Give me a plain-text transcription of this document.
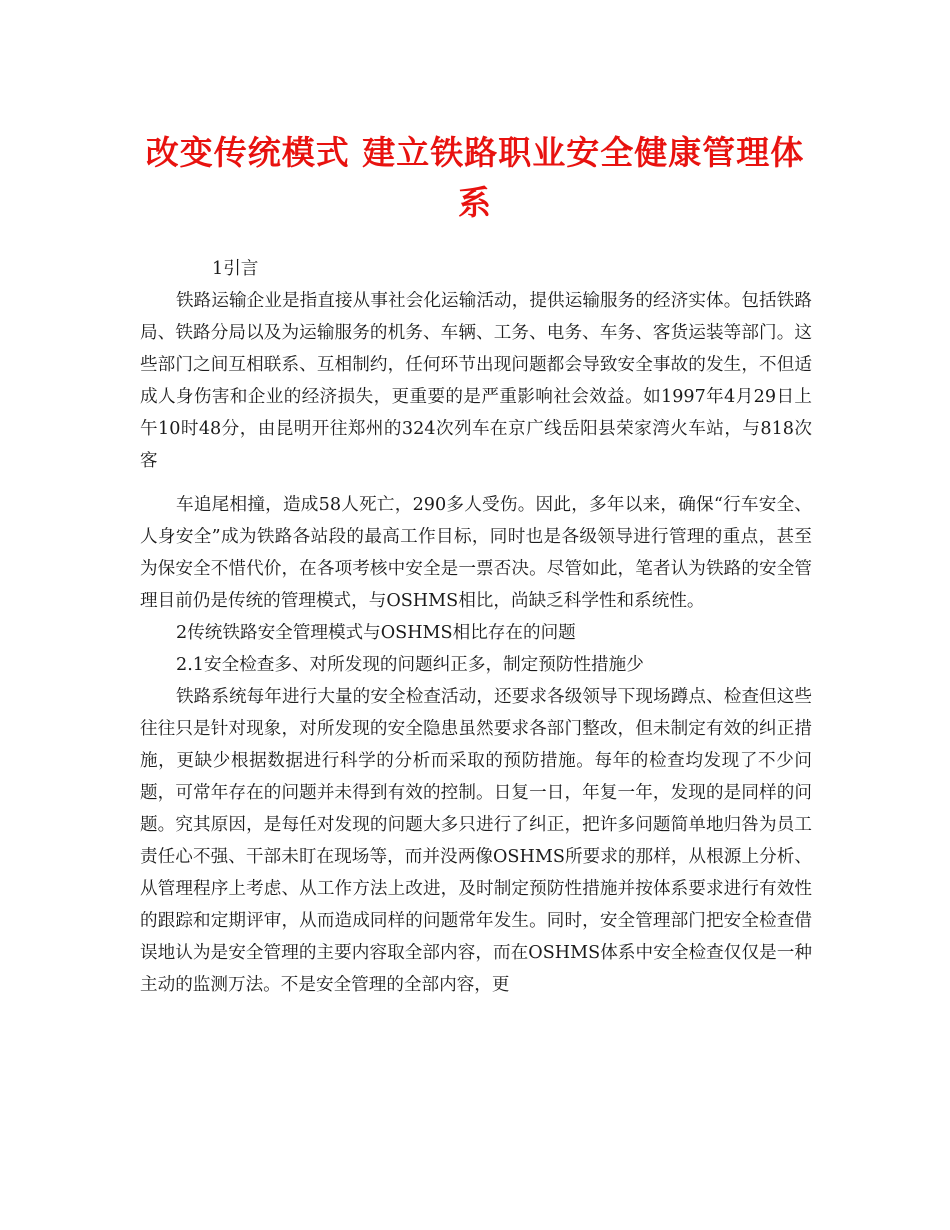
改变传统模式 建立铁路职业安全健康管理体系

1引言

铁路运输企业是指直接从事社会化运输活动，提供运输服务的经济实体。包括铁路局、铁路分局以及为运输服务的机务、车辆、工务、电务、车务、客货运装等部门。这些部门之间互相联系、互相制约，任何环节出现问题都会导致安全事故的发生，不但适成人身伤害和企业的经济损失，更重要的是严重影响社会效益。如1997年4月29日上午10时48分，由昆明开往郑州的324次列车在京广线岳阳县荣家湾火车站，与818次客

车追尾相撞，造成58人死亡，290多人受伤。因此，多年以来，确保“行车安全、人身安全”成为铁路各站段的最高工作目标，同时也是各级领导进行管理的重点，甚至为保安全不惜代价，在各项考核中安全是一票否决。尽管如此，笔者认为铁路的安全管理目前仍是传统的管理模式，与OSHMS相比，尚缺乏科学性和系统性。

2传统铁路安全管理模式与OSHMS相比存在的问题

2.1安全检查多、对所发现的问题纠正多，制定预防性措施少

铁路系统每年进行大量的安全检查活动，还要求各级领导下现场蹲点、检查但这些往往只是针对现象，对所发现的安全隐患虽然要求各部门整改，但未制定有效的纠正措施，更缺少根据数据进行科学的分析而采取的预防措施。每年的检查均发现了不少问题，可常年存在的问题并未得到有效的控制。日复一日，年复一年，发现的是同样的问题。究其原因，是每任对发现的问题大多只进行了纠正，把许多问题简单地归咎为员工责任心不强、干部未盯在现场等，而并没两像OSHMS所要求的那样，从根源上分析、从管理程序上考虑、从工作方法上改进，及时制定预防性措施并按体系要求进行有效性的跟踪和定期评审，从而造成同样的问题常年发生。同时，安全管理部门把安全检查借误地认为是安全管理的主要内容取全部内容，而在OSHMS体系中安全检查仅仅是一种主动的监测万法。不是安全管理的全部内容，更
